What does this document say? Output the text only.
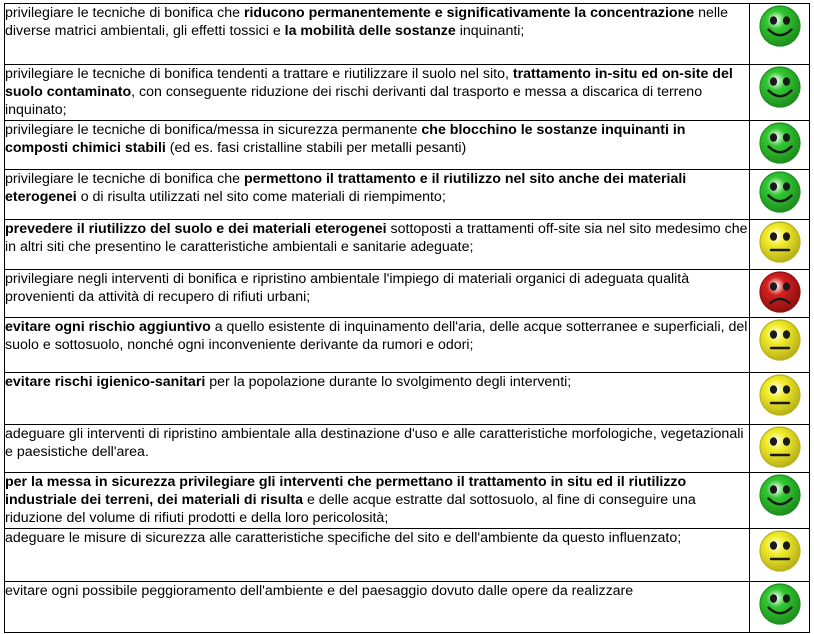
privilegiare le tecniche di bonifica che riducono permanentemente e significativamente la concentrazione nelle diverse matrici ambientali, gli effetti tossici e la mobilità delle sostanze inquinanti;	

privilegiare le tecniche di bonifica tendenti a trattare e riutilizzare il suolo nel sito, trattamento in-situ ed on-site del suolo contaminato, con conseguente riduzione dei rischi derivanti dal trasporto e messa a discarica di terreno inquinato;	

privilegiare le tecniche di bonifica/messa in sicurezza permanente che blocchino le sostanze inquinanti in composti chimici stabili (ed es. fasi cristalline stabili per metalli pesanti)	

privilegiare le tecniche di bonifica che permettono il trattamento e il riutilizzo nel sito anche dei materiali eterogenei o di risulta utilizzati nel sito come materiali di riempimento;	

prevedere il riutilizzo del suolo e dei materiali eterogenei sottoposti a trattamenti off-site sia nel sito medesimo che in altri siti che presentino le caratteristiche ambientali e sanitarie adeguate;	

privilegiare negli interventi di bonifica e ripristino ambientale l'impiego di materiali organici di adeguata qualità provenienti da attività di recupero di rifiuti urbani;	

evitare ogni rischio aggiuntivo a quello esistente di inquinamento dell'aria, delle acque sotterranee e superficiali, del suolo e sottosuolo, nonché ogni inconveniente derivante da rumori e odori;	

evitare rischi igienico-sanitari per la popolazione durante lo svolgimento degli interventi;	

adeguare gli interventi di ripristino ambientale alla destinazione d'uso e alle caratteristiche morfologiche, vegetazionali e paesistiche dell'area.	

per la messa in sicurezza privilegiare gli interventi che permettano il trattamento in situ ed il riutilizzo industriale dei terreni, dei materiali di risulta e delle acque estratte dal sottosuolo, al fine di conseguire una riduzione del volume di rifiuti prodotti e della loro pericolosità;	

adeguare le misure di sicurezza alle caratteristiche specifiche del sito e dell'ambiente da questo influenzato;	

evitare ogni possibile peggioramento dell'ambiente e del paesaggio dovuto dalle opere da realizzare	
